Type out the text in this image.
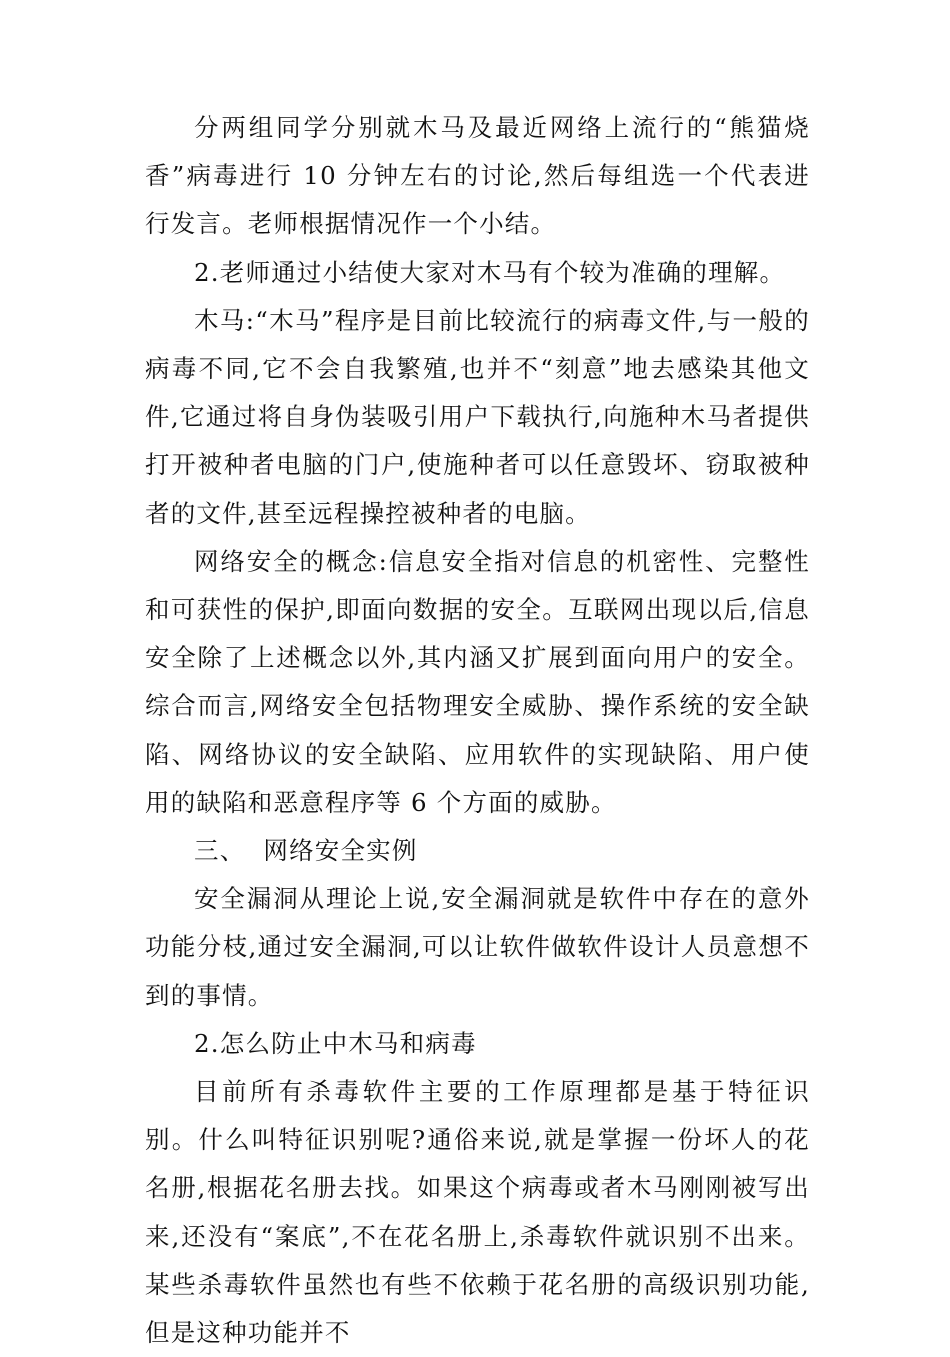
分两组同学分别就木马及最近网络上流行的“熊猫烧香”病毒进行 10 分钟左右的讨论,然后每组选一个代表进行发言。老师根据情况作一个小结。

2.老师通过小结使大家对木马有个较为准确的理解。

木马:“木马”程序是目前比较流行的病毒文件,与一般的病毒不同,它不会自我繁殖,也并不“刻意”地去感染其他文件,它通过将自身伪装吸引用户下载执行,向施种木马者提供打开被种者电脑的门户,使施种者可以任意毁坏、窃取被种者的文件,甚至远程操控被种者的电脑。

网络安全的概念:信息安全指对信息的机密性、完整性和可获性的保护,即面向数据的安全。互联网出现以后,信息安全除了上述概念以外,其内涵又扩展到面向用户的安全。综合而言,网络安全包括物理安全威胁、操作系统的安全缺陷、网络协议的安全缺陷、应用软件的实现缺陷、用户使用的缺陷和恶意程序等 6 个方面的威胁。

三、  网络安全实例

安全漏洞从理论上说,安全漏洞就是软件中存在的意外功能分枝,通过安全漏洞,可以让软件做软件设计人员意想不到的事情。

2.怎么防止中木马和病毒

目前所有杀毒软件主要的工作原理都是基于特征识别。什么叫特征识别呢?通俗来说,就是掌握一份坏人的花名册,根据花名册去找。如果这个病毒或者木马刚刚被写出来,还没有“案底”,不在花名册上,杀毒软件就识别不出来。某些杀毒软件虽然也有些不依赖于花名册的高级识别功能,但是这种功能并不
